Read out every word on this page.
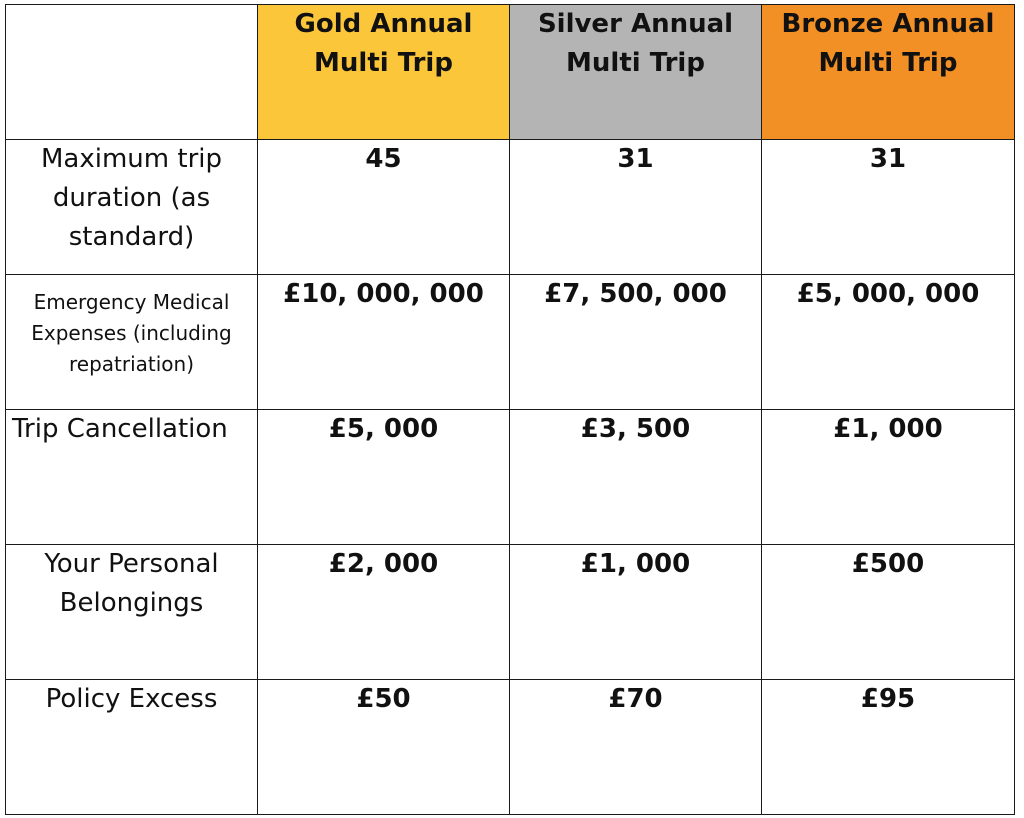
	Gold Annual
Multi Trip	Silver Annual
Multi Trip	Bronze Annual
Multi Trip

Maximum trip
duration (as
standard)	45	31	31

Emergency Medical
Expenses (including
repatriation)	£10, 000, 000	£7, 500, 000	£5, 000, 000

Trip Cancellation	£5, 000	£3, 500	£1, 000

Your Personal
Belongings	£2, 000	£1, 000	£500

Policy Excess	£50	£70	£95
